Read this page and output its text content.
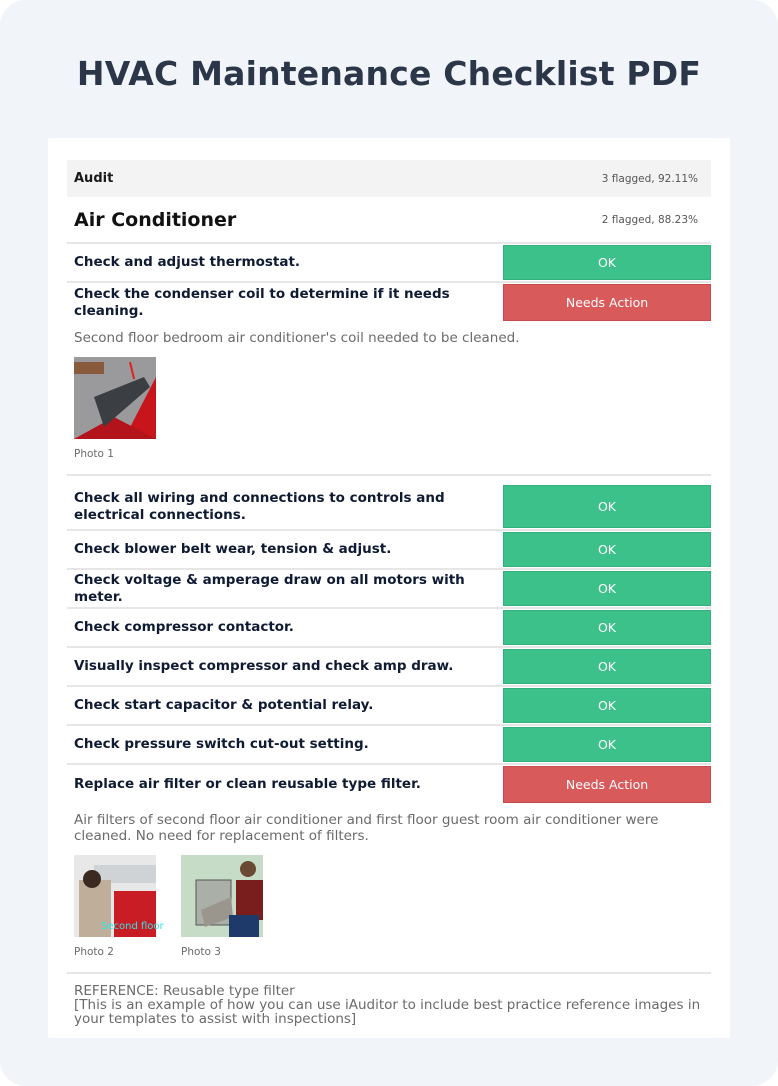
HVAC Maintenance Checklist PDF
Audit	3 flagged, 92.11%
Air Conditioner	2 flagged, 88.23%
Check and adjust thermostat.	OK
Check the condenser coil to determine if it needs cleaning.	Needs Action
Second floor bedroom air conditioner's coil needed to be cleaned.
Photo 1
Check all wiring and connections to controls and electrical connections.	OK
Check blower belt wear, tension & adjust.	OK
Check voltage & amperage draw on all motors with meter.	OK
Check compressor contactor.	OK
Visually inspect compressor and check amp draw.	OK
Check start capacitor & potential relay.	OK
Check pressure switch cut-out setting.	OK
Replace air filter or clean reusable type filter.	Needs Action
Air filters of second floor air conditioner and first floor guest room air conditioner were cleaned. No need for replacement of filters.
Second floor
Photo 2	Photo 3
REFERENCE: Reusable type filter
[This is an example of how you can use iAuditor to include best practice reference images in your templates to assist with inspections]
